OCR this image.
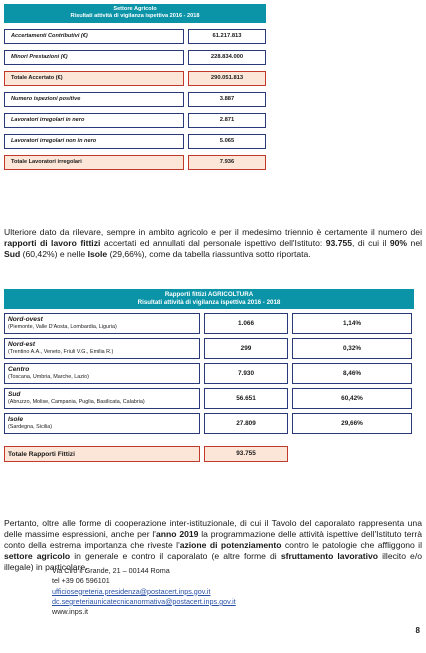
Settore Agricolo
Risultati attività di vigilanza ispettiva 2016 - 2018
Accertamenti Contributivi (€)	61.217.813
Minori Prestazioni (€)	228.834.000
Totale Accertato (€)	290.051.813
Numero ispezioni positive	3.887
Lavoratori irregolari in nero	2.871
Lavoratori irregolari non in nero	5.065
Totale Lavoratori irregolari	7.936

Ulteriore dato da rilevare, sempre in ambito agricolo e per il medesimo triennio è certamente il numero dei rapporti di lavoro fittizi accertati ed annullati dal personale ispettivo dell'Istituto: 93.755, di cui il 90% nel Sud (60,42%) e nelle Isole (29,66%), come da tabella riassuntiva sotto riportata.

Rapporti fittizi AGRICOLTURA
Risultati attività di vigilanza ispettiva 2016 - 2018
Nord-ovest
(Piemonte, Valle D'Aosta, Lombardia, Liguria)	1.066	1,14%
Nord-est
(Trentino A.A., Veneto, Friuli V.G., Emilia R.)	299	0,32%
Centro
(Toscana, Umbria, Marche, Lazio)	7.930	8,46%
Sud
(Abruzzo, Molise, Campania, Puglia, Basilicata, Calabria)	56.651	60,42%
Isole
(Sardegna, Sicilia)	27.809	29,66%
Totale Rapporti Fittizi	93.755

Pertanto, oltre alle forme di cooperazione inter-istituzionale, di cui il Tavolo del caporalato rappresenta una delle massime espressioni, anche per l'anno 2019 la programmazione delle attività ispettive dell'Istituto terrà conto della estrema importanza che riveste l'azione di potenziamento contro le patologie che affliggono il settore agricolo in generale e contro il caporalato (e altre forme di sfruttamento lavorativo illecito e/o illegale) in particolare.

Via Ciro il Grande, 21 – 00144 Roma
tel +39 06 596101
ufficiosegreteria.presidenza@postacert.inps.gov.it
dc.segreteriaunicatecnicanormativa@postacert.inps.gov.it
www.inps.it
8
